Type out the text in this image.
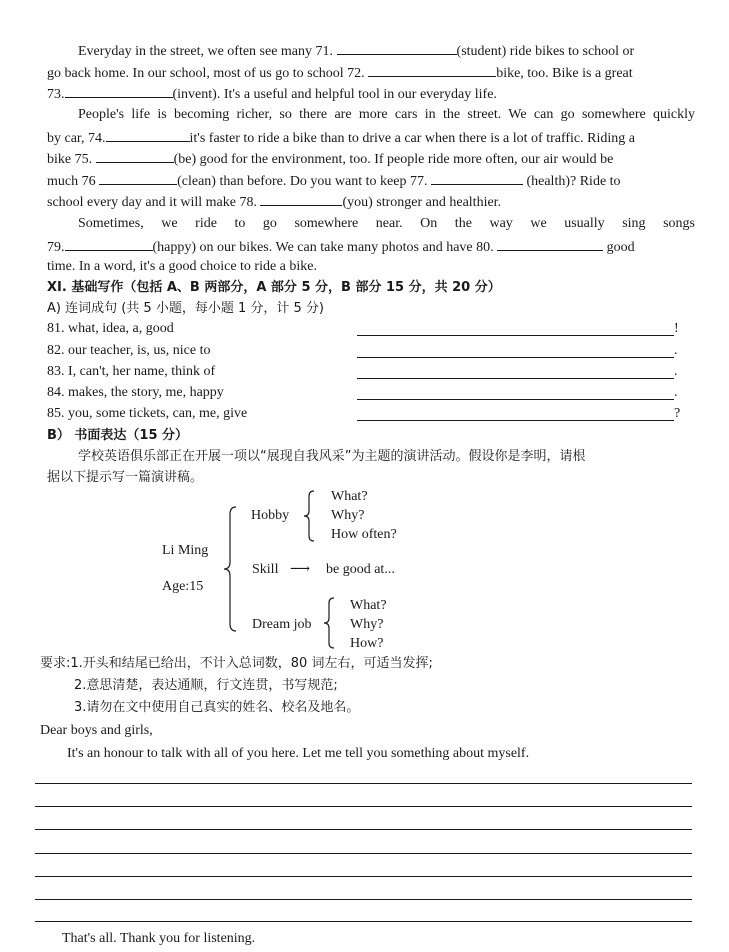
Everyday in the street, we often see many 71.	(student) ride bikes to school or
go back home. In our school, most of us go to school 72.	bike, too. Bike is a great
73.	(invent). It's a useful and helpful tool in our everyday life.
People's life is becoming richer, so there are more cars in the street. We can go somewhere quickly
by car, 74.	it's faster to ride a bike than to drive a car when there is a lot of traffic. Riding a
bike 75.	(be) good for the environment, too. If people ride more often, our air would be
much 76	(clean) than before. Do you want to keep 77.	(health)? Ride to
school every day and it will make 78.	(you) stronger and healthier.
Sometimes, we ride to go somewhere near. On the way we usually sing songs
79.	(happy) on our bikes. We can take many photos and have 80.	good
time. In a word, it's a good choice to ride a bike.
XI. 基础写作（包括 A、B 两部分，A 部分 5 分，B 部分 15 分，共 20 分）
A) 连词成句 (共 5 小题，每小题 1 分，计 5 分)
81. what, idea, a, good	!
82. our teacher, is, us, nice to	.
83. I, can't, her name, think of	.
84. makes, the story, me, happy	.
85. you, some tickets, can, me, give	?
B） 书面表达（15 分）
学校英语俱乐部正在开展一项以“展现自我风采”为主题的演讲活动。假设你是李明，请根
据以下提示写一篇演讲稿。
Li Ming
Age:15
Hobby
What?
Why?
How often?
Skill ⟶ be good at...
Dream job
What?
Why?
How?
要求:1.开头和结尾已给出，不计入总词数，80 词左右，可适当发挥;
2.意思清楚，表达通顺，行文连贯，书写规范;
3.请勿在文中使用自己真实的姓名、校名及地名。
Dear boys and girls,
It's an honour to talk with all of you here. Let me tell you something about myself.
That's all. Thank you for listening.
